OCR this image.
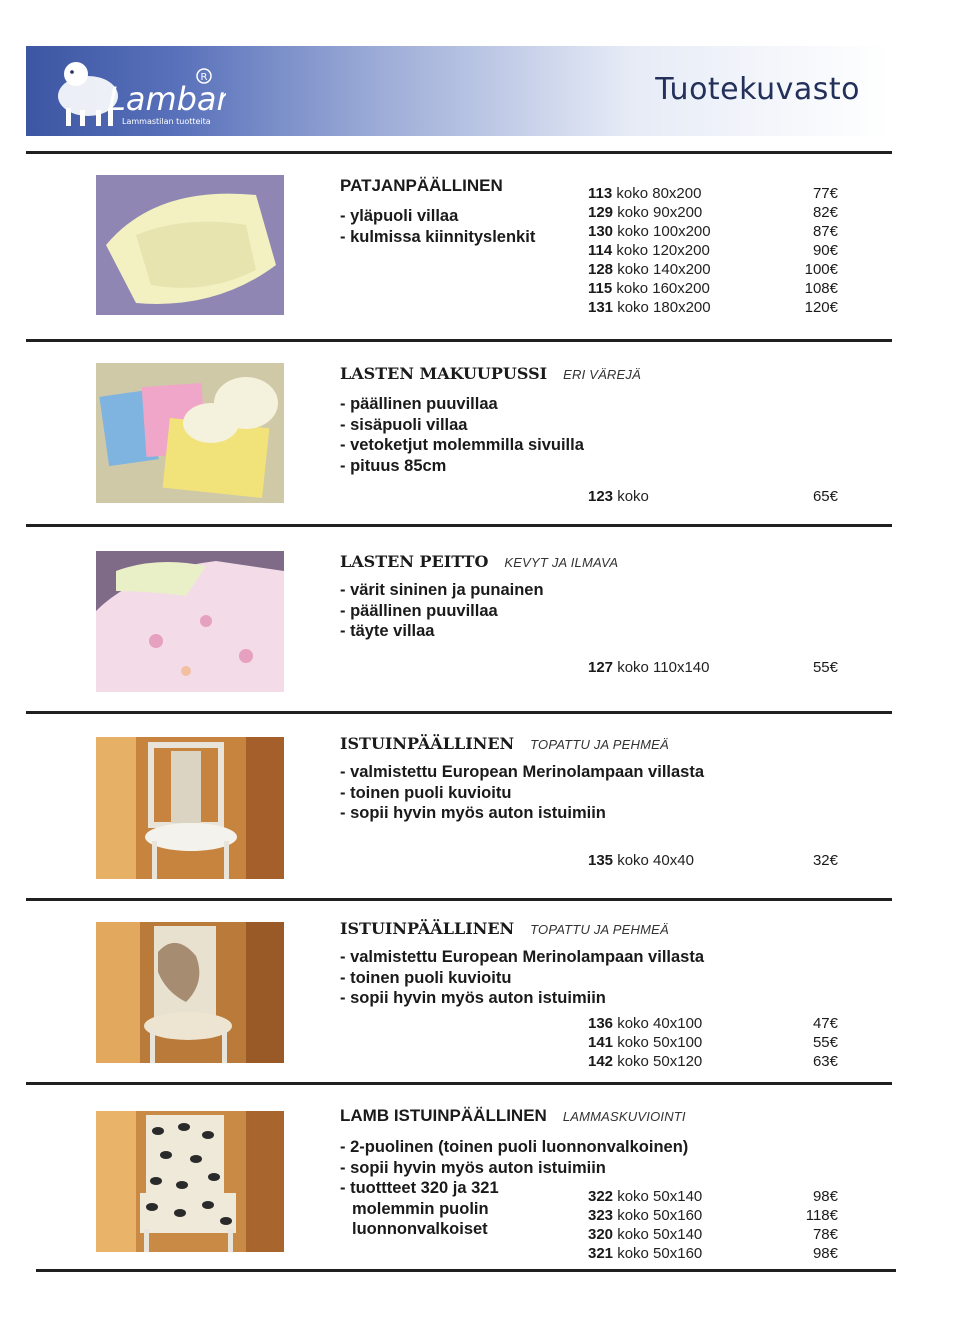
Lambar
Lammastilan tuotteita
R	Tuotekuvasto
PATJANPÄÄLLINEN
- yläpuoli villaa
- kulmissa kiinnityslenkit
113 koko 80x200	77€
129 koko 90x200	82€
130 koko 100x200	87€
114 koko 120x200	90€
128 koko 140x200	100€
115 koko 160x200	108€
131 koko 180x200	120€
LASTEN MAKUUPUSSI ERI VÄREJÄ
- päällinen puuvillaa
- sisäpuoli villaa
- vetoketjut molemmilla sivuilla
- pituus 85cm
123 koko	65€
LASTEN PEITTO KEVYT JA ILMAVA
- värit sininen ja punainen
- päällinen puuvillaa
- täyte villaa
127 koko 110x140	55€
ISTUINPÄÄLLINEN TOPATTU JA PEHMEÄ
- valmistettu European Merinolampaan villasta
- toinen puoli kuvioitu
- sopii hyvin myös auton istuimiin
135 koko 40x40	32€
ISTUINPÄÄLLINEN TOPATTU JA PEHMEÄ
- valmistettu European Merinolampaan villasta
- toinen puoli kuvioitu
- sopii hyvin myös auton istuimiin
136 koko 40x100	47€
141 koko 50x100	55€
142 koko 50x120	63€
LAMB ISTUINPÄÄLLINEN LAMMASKUVIOINTI
- 2-puolinen (toinen puoli luonnonvalkoinen)
- sopii hyvin myös auton istuimiin
- tuottteet 320 ja 321
molemmin puolin
luonnonvalkoiset
322 koko 50x140	98€
323 koko 50x160	118€
320 koko 50x140	78€
321 koko 50x160	98€
